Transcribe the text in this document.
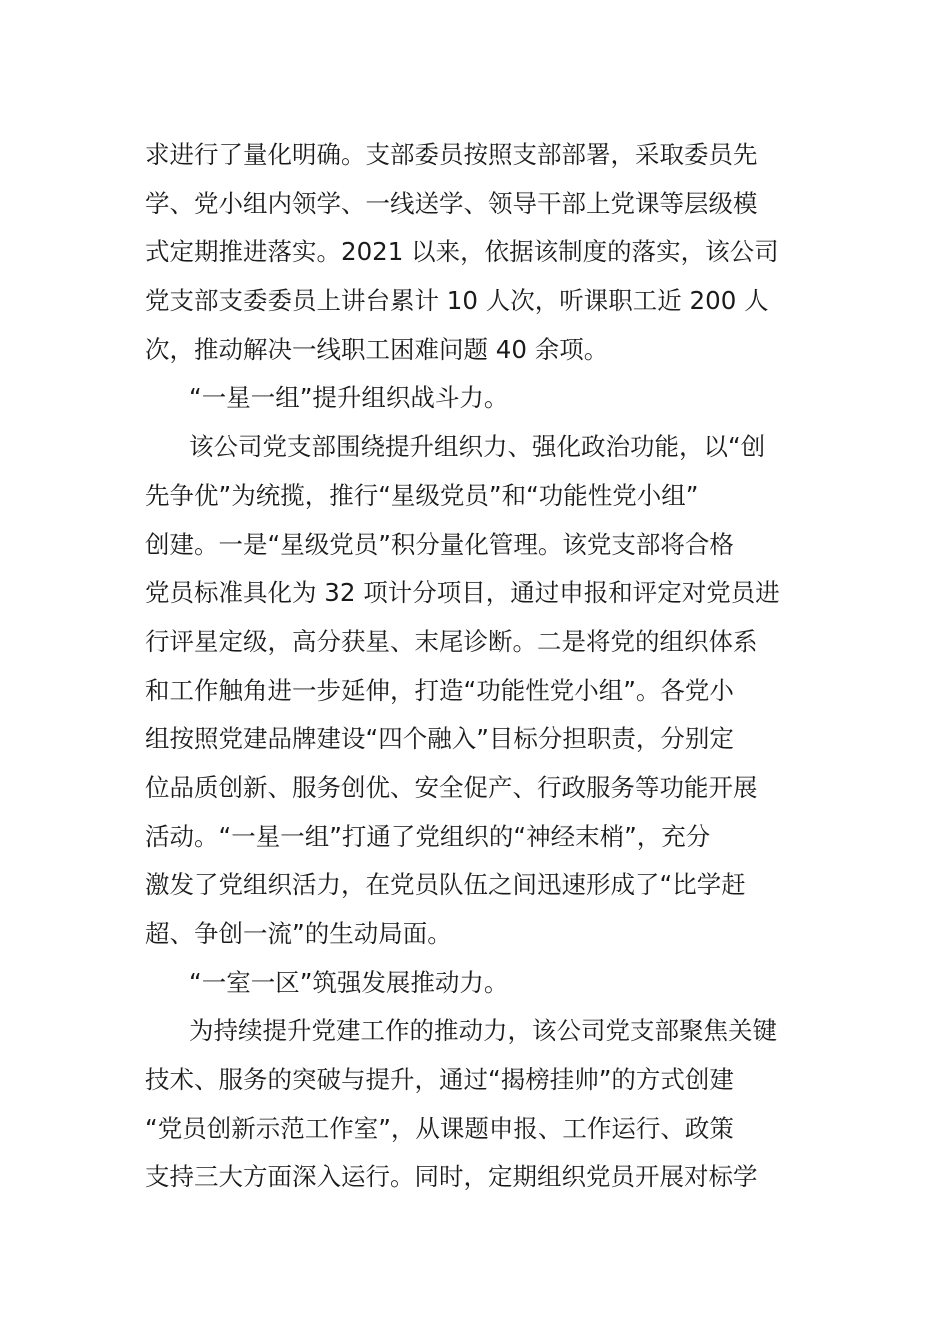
求进行了量化明确。支部委员按照支部部署，采取委员先
学、党小组内领学、一线送学、领导干部上党课等层级模
式定期推进落实。2021 以来，依据该制度的落实，该公司
党支部支委委员上讲台累计 10 人次，听课职工近 200 人
次，推动解决一线职工困难问题 40 余项。
“一星一组”提升组织战斗力。
该公司党支部围绕提升组织力、强化政治功能，以“创
先争优”为统揽，推行“星级党员”和“功能性党小组”
创建。一是“星级党员”积分量化管理。该党支部将合格
党员标准具化为 32 项计分项目，通过申报和评定对党员进
行评星定级，高分获星、末尾诊断。二是将党的组织体系
和工作触角进一步延伸，打造“功能性党小组”。各党小
组按照党建品牌建设“四个融入”目标分担职责，分别定
位品质创新、服务创优、安全促产、行政服务等功能开展
活动。“一星一组”打通了党组织的“神经末梢”，充分
激发了党组织活力，在党员队伍之间迅速形成了“比学赶
超、争创一流”的生动局面。
“一室一区”筑强发展推动力。
为持续提升党建工作的推动力，该公司党支部聚焦关键
技术、服务的突破与提升，通过“揭榜挂帅”的方式创建
“党员创新示范工作室”，从课题申报、工作运行、政策
支持三大方面深入运行。同时，定期组织党员开展对标学
